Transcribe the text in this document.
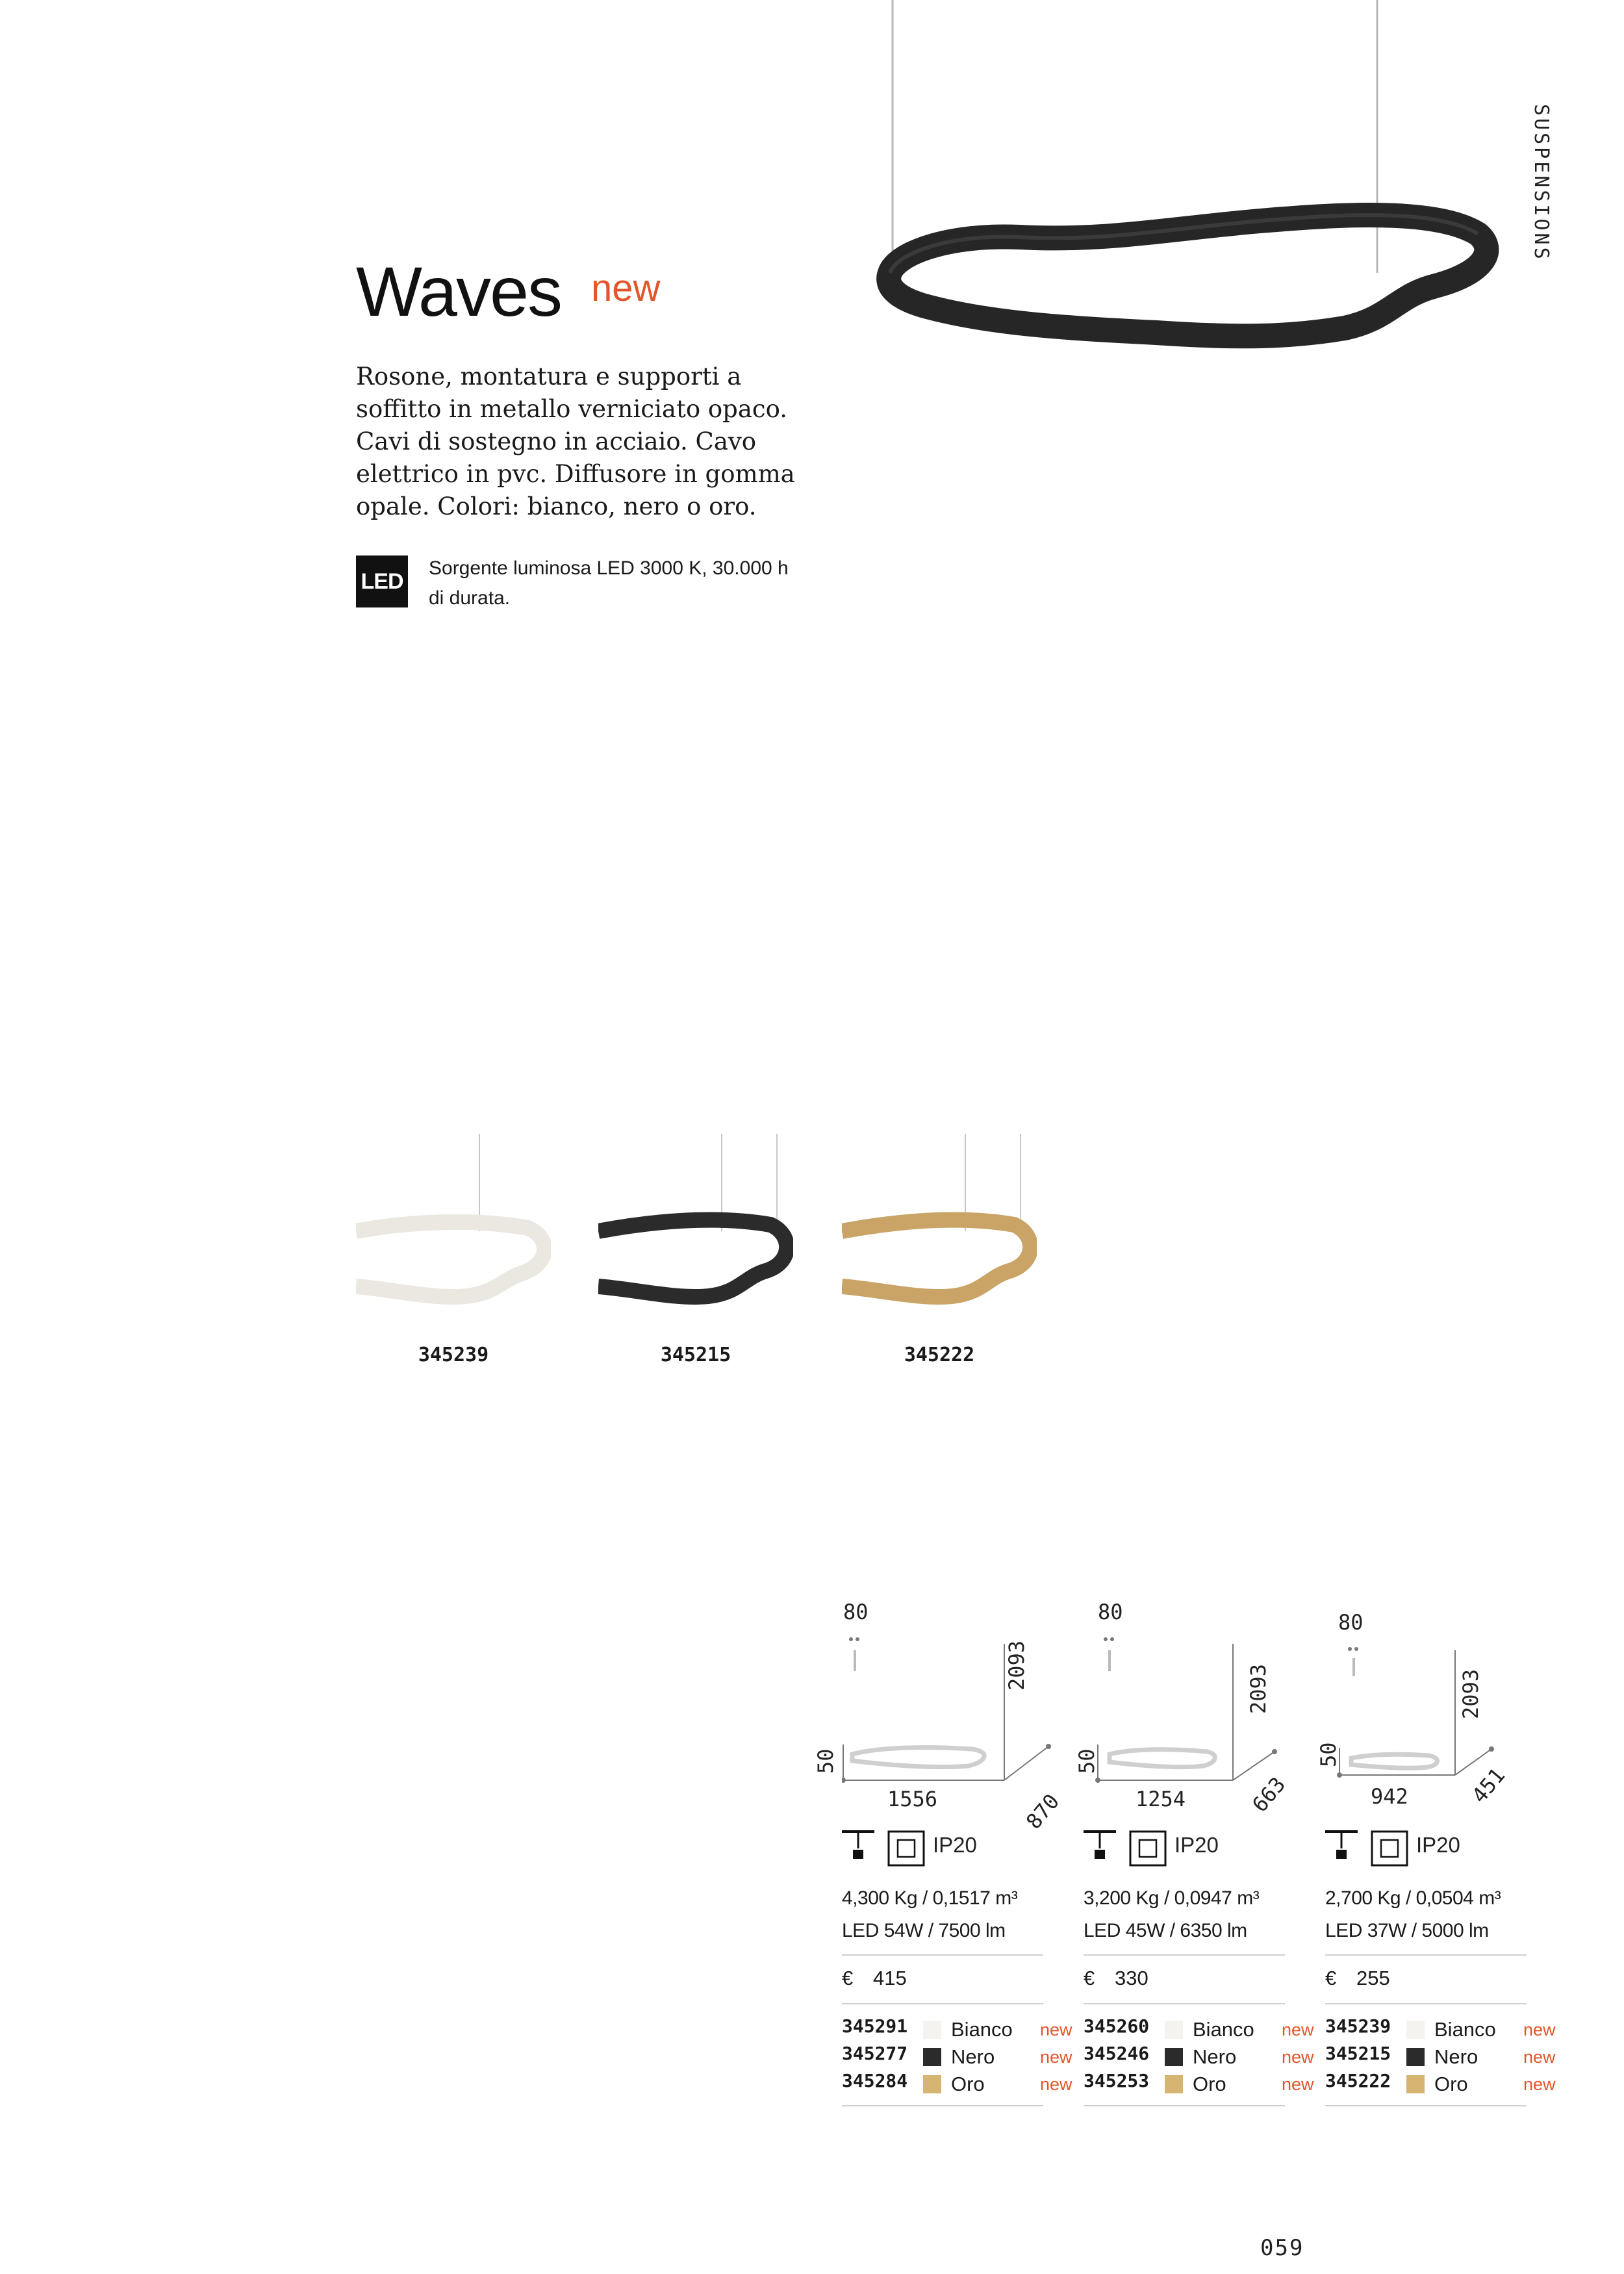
SUSPENSIONS
Waves new
Rosone, montatura e supporti a soffitto in metallo verniciato opaco. Cavi di sostegno in acciaio. Cavo elettrico in pvc. Diffusore in gomma opale. Colori: bianco, nero o oro.
LED
Sorgente luminosa LED 3000 K, 30.000 h di durata.
345239	345215	345222
80
2093
50
1556	870
IP20
4,300 Kg / 0,1517 m³
LED 54W / 7500 lm
€ 415
345291 Bianco new
345277 Nero	new
345284 Oro	new
80
2093
50
1254	663
IP20
3,200 Kg / 0,0947 m³
LED 45W / 6350 lm
€ 330
345260 Bianco new
345246 Nero	new
345253 Oro	new
80
2093
50
942	451
IP20
2,700 Kg / 0,0504 m³
LED 37W / 5000 lm
€ 255
345239 Bianco new
345215 Nero	new
345222 Oro	new
059
